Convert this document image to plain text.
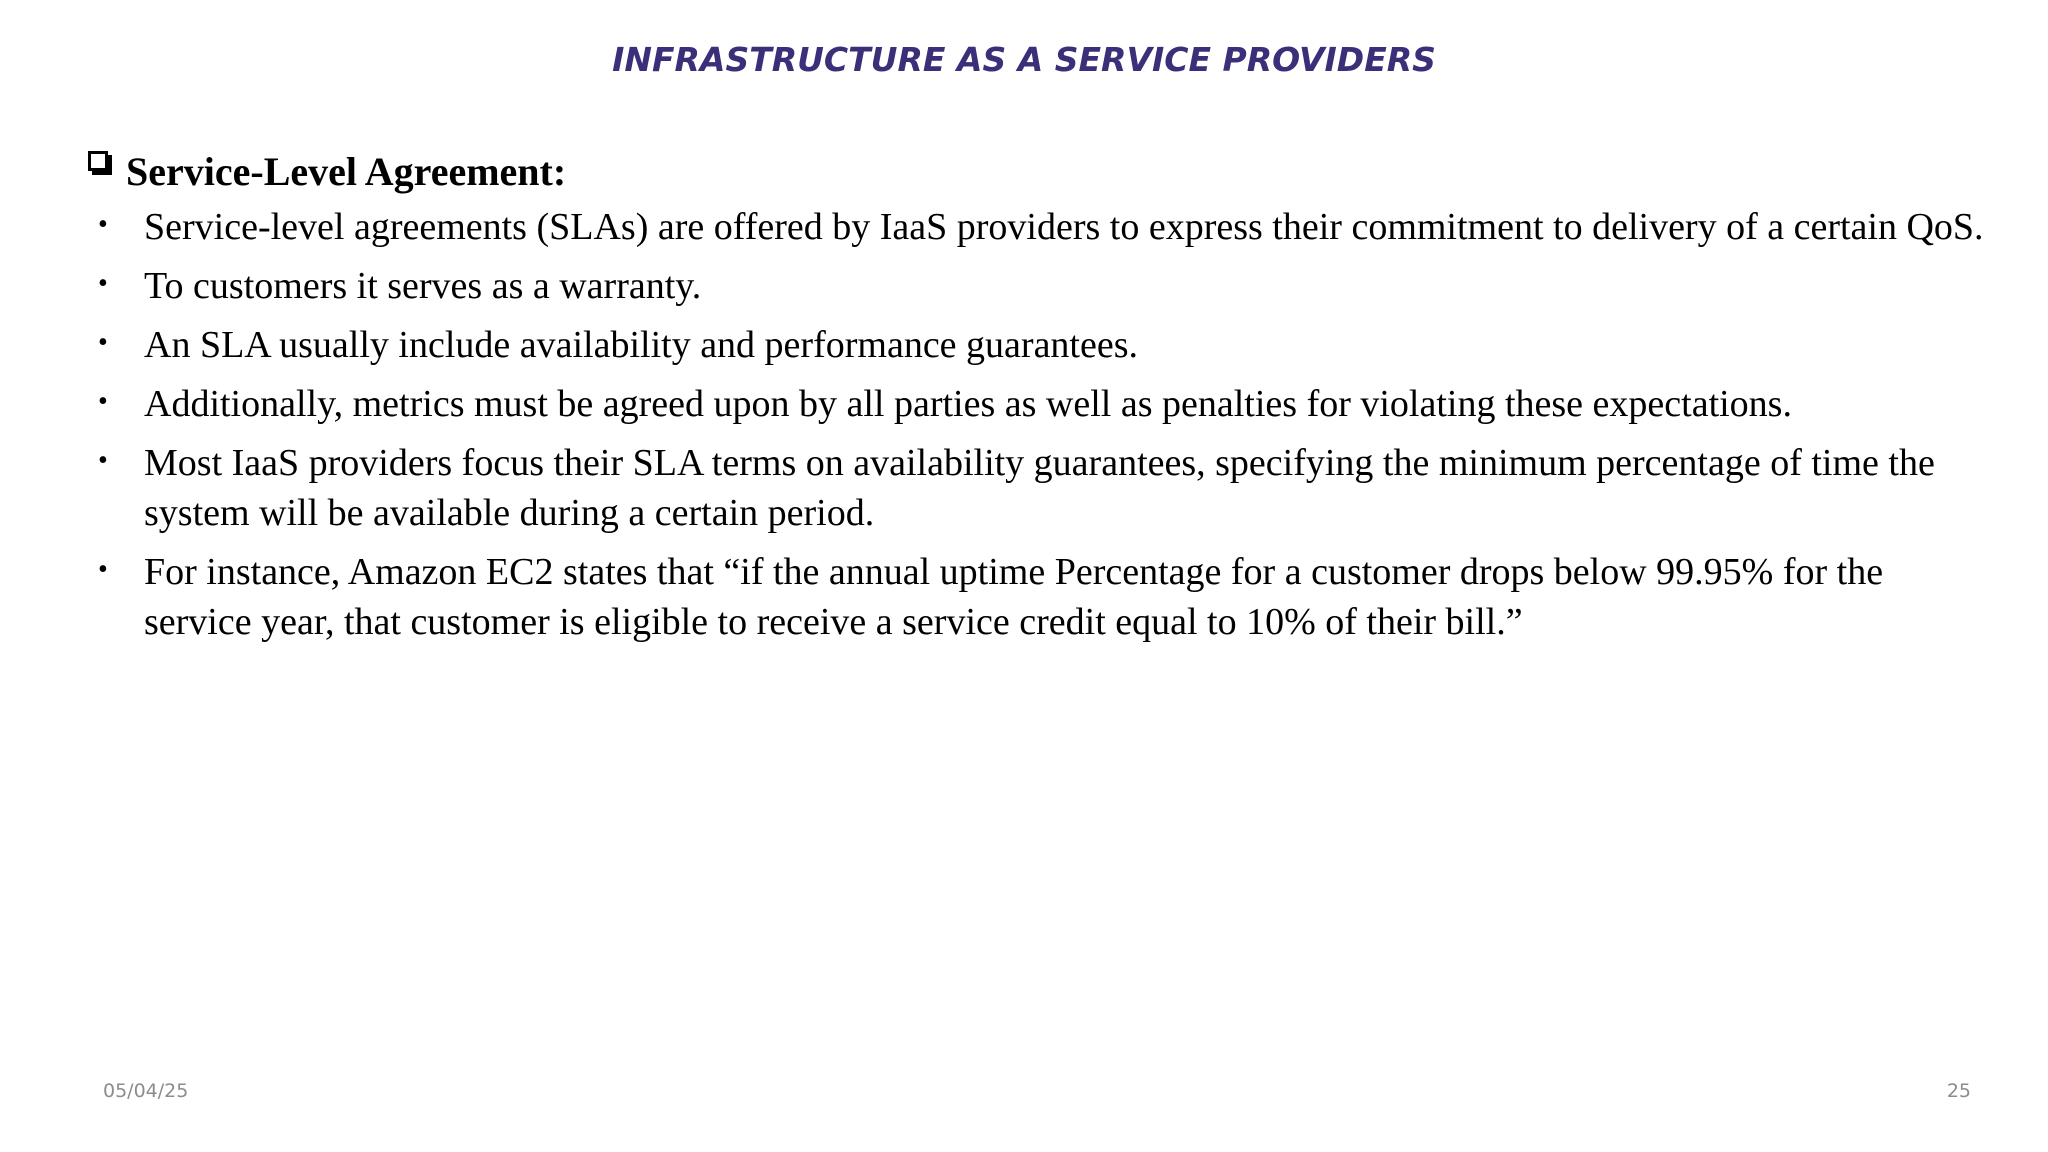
INFRASTRUCTURE AS A SERVICE PROVIDERS
Service-Level Agreement:
• Service-level agreements (SLAs) are offered by IaaS providers to express their commitment to delivery of a certain QoS.
• To customers it serves as a warranty.
• An SLA usually include availability and performance guarantees.
• Additionally, metrics must be agreed upon by all parties as well as penalties for violating these expectations.
• Most IaaS providers focus their SLA terms on availability guarantees, specifying the minimum percentage of time the system will be available during a certain period.
• For instance, Amazon EC2 states that “if the annual uptime Percentage for a customer drops below 99.95% for the service year, that customer is eligible to receive a service credit equal to 10% of their bill.”
05/04/25	25
